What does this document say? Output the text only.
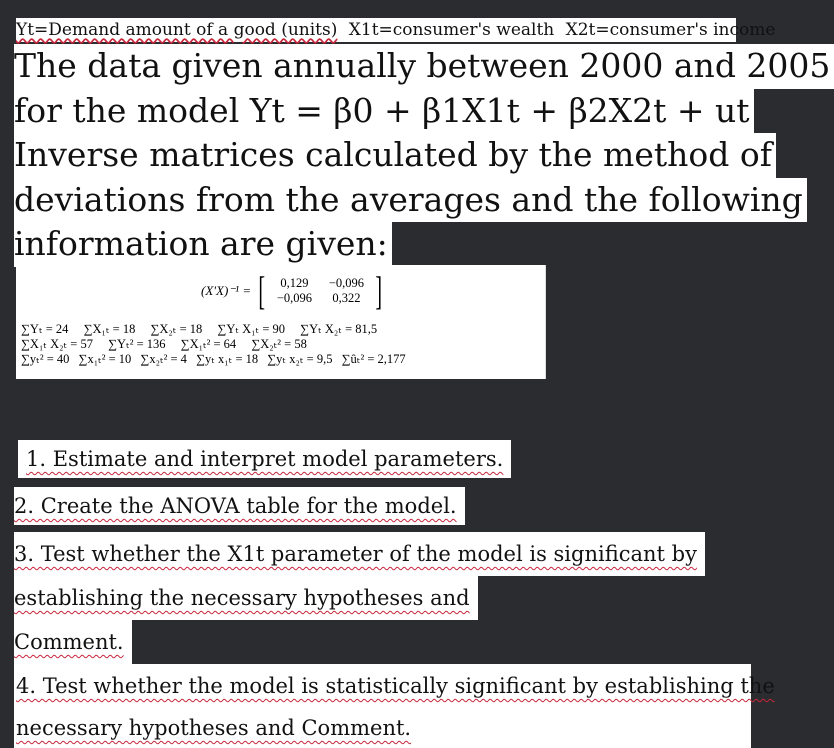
Yt=Demand amount of a good (units) X1t=consumer's wealth X2t=consumer's income
The data given annually between 2000 and 2005
for the model Yt = β0 + β1X1t + β2X2t + ut
Inverse matrices calculated by the method of
deviations from the averages and the following
information are given:
(X'X)⁻¹ = [	0,129	−0,096
−0,096	0,322 ]
∑Yₜ = 24 ∑X₁ₜ = 18 ∑X₂ₜ = 18 ∑Yₜ X₁ₜ = 90 ∑Yₜ X₂ₜ = 81,5
∑X₁ₜ X₂ₜ = 57 ∑Yₜ² = 136 ∑X₁ₜ² = 64 ∑X₂ₜ² = 58
∑yₜ² = 40 ∑x₁ₜ² = 10 ∑x₂ₜ² = 4 ∑yₜ x₁ₜ = 18 ∑yₜ x₂ₜ = 9,5 ∑ûₜ² = 2,177
1. Estimate and interpret model parameters.
2. Create the ANOVA table for the model.
3. Test whether the X1t parameter of the model is significant by
establishing the necessary hypotheses and
Comment.
4. Test whether the model is statistically significant by establishing the
necessary hypotheses and Comment.
